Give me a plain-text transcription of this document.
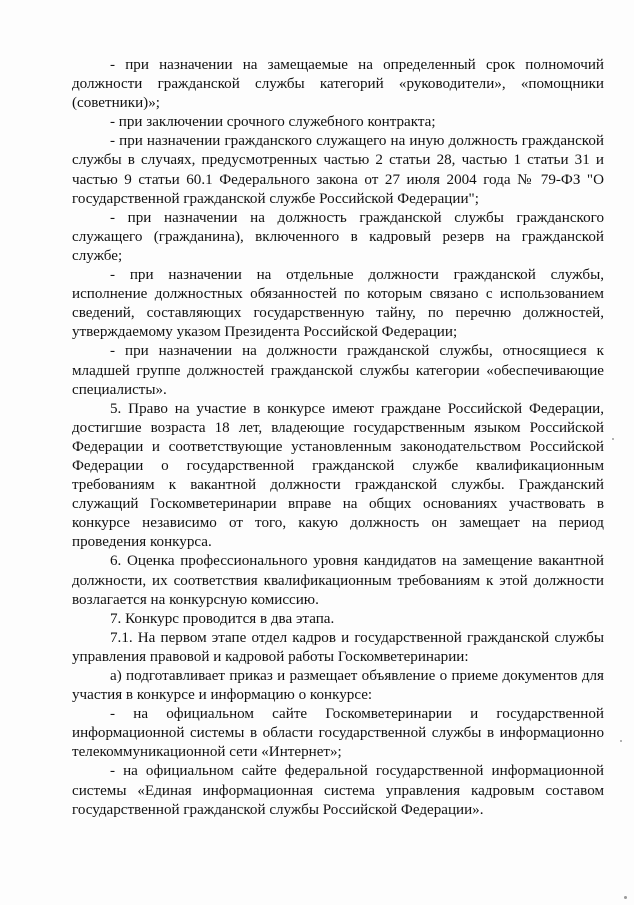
- при назначении на замещаемые на определенный срок полномочий должности гражданской службы категорий «руководители», «помощники (советники)»;

- при заключении срочного служебного контракта;

- при назначении гражданского служащего на иную должность гражданской службы в случаях, предусмотренных частью 2 статьи 28, частью 1 статьи 31 и частью 9 статьи 60.1 Федерального закона от 27 июля 2004 года № 79-ФЗ "О государственной гражданской службе Российской Федерации";

- при назначении на должность гражданской службы гражданского служащего (гражданина), включенного в кадровый резерв на гражданской службе;

- при назначении на отдельные должности гражданской службы, исполнение должностных обязанностей по которым связано с использованием сведений, составляющих государственную тайну, по перечню должностей, утверждаемому указом Президента Российской Федерации;

- при назначении на должности гражданской службы, относящиеся к младшей группе должностей гражданской службы категории «обеспечивающие специалисты».

5. Право на участие в конкурсе имеют граждане Российской Федерации, достигшие возраста 18 лет, владеющие государственным языком Российской Федерации и соответствующие установленным законодательством Российской Федерации о государственной гражданской службе квалификационным требованиям к вакантной должности гражданской службы. Гражданский служащий Госкомветеринарии вправе на общих основаниях участвовать в конкурсе независимо от того, какую должность он замещает на период проведения конкурса.

6. Оценка профессионального уровня кандидатов на замещение вакантной должности, их соответствия квалификационным требованиям к этой должности возлагается на конкурсную комиссию.

7. Конкурс проводится в два этапа.

7.1. На первом этапе отдел кадров и государственной гражданской службы управления правовой и кадровой работы Госкомветеринарии:

а) подготавливает приказ и размещает объявление о приеме документов для участия в конкурсе и информацию о конкурсе:

- на официальном сайте Госкомветеринарии и государственной информационной системы в области государственной службы в информационно телекоммуникационной сети «Интернет»;

- на официальном сайте федеральной государственной информационной системы «Единая информационная система управления кадровым составом государственной гражданской службы Российской Федерации».
